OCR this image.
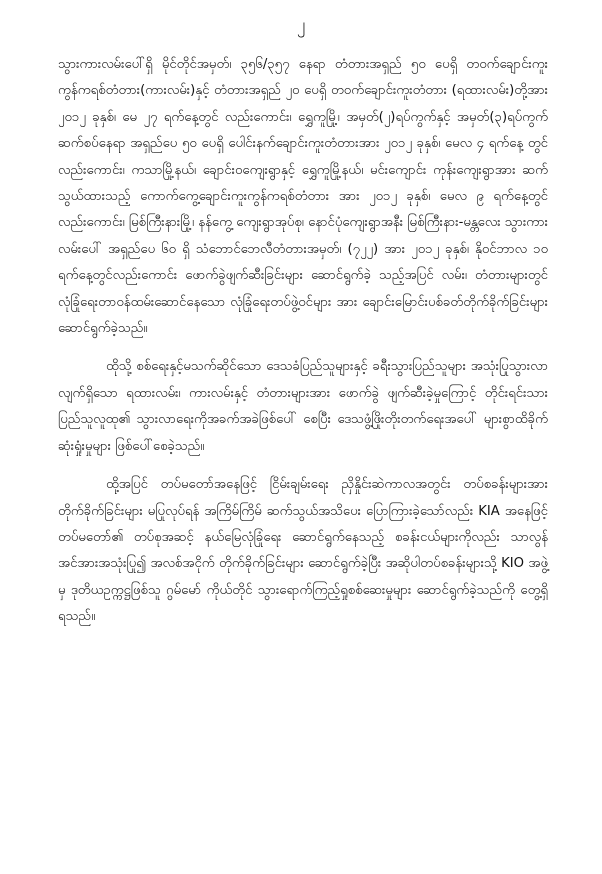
၂

သွားကားလမ်းပေါ်ရှိ မိုင်တိုင်အမှတ်၊ ၃၅၆/၃၅၇ နေရာ တံတားအရှည် ၅၀ ပေရှိ တဝက်ချောင်းကူး ကွန်ကရစ်တံတား(ကားလမ်း)နှင့် တံတားအရှည် ၂၀ ပေရှိ တဝက်ချောင်းကူးတံတား (ရထားလမ်း)တို့အား ၂၀၁၂ ခုနှစ်၊ မေ ၂၇ ရက်နေ့တွင် လည်းကောင်း၊ ရွှေကူမြို့၊ အမှတ်(၂)ရပ်ကွက်နှင့် အမှတ်(၃)ရပ်ကွက် ဆက်စပ်နေရာ အရှည်ပေ ၅၀ ပေရှိ ပေါင်းနက်ချောင်းကူးတံတားအား ၂၀၁၂ ခုနှစ်၊ မေလ ၄ ရက်နေ့ တွင်လည်းကောင်း၊ ကသာမြို့နယ်၊ ချောင်းဝကျေးရွာနှင့် ရွှေကူမြို့နယ်၊ မင်းကျောင်း ကုန်းကျေးရွာအား ဆက်သွယ်ထားသည့် ကောက်ကွေ့ချောင်းကူးကွန်ကရစ်တံတား အား ၂၀၁၂ ခုနှစ်၊ မေလ ၉ ရက်နေ့တွင် လည်းကောင်း၊ မြစ်ကြီးနားမြို့၊ နန်ကွေ့ ကျေးရွာအုပ်စု၊ နောင်ပုံကျေးရွာအနီး မြစ်ကြီးနား-မန္တလေး သွားကားလမ်းပေါ် အရှည်ပေ ၆၀ ရှိ သံဘောင်ဘေလီတံတားအမှတ်၊ (၇၂၂) အား ၂၀၁၂ ခုနှစ်၊ နိုဝင်ဘာလ ၁၀ ရက်နေ့တွင်လည်းကောင်း ဖောက်ခွဲဖျက်ဆီးခြင်းများ ဆောင်ရွက်ခဲ့ သည့်အပြင် လမ်း၊ တံတားများတွင် လုံခြုံရေးတာဝန်ထမ်းဆောင်နေသော လုံခြုံရေးတပ်ဖွဲ့ဝင်များ အား ချောင်းမြောင်းပစ်ခတ်တိုက်ခိုက်ခြင်းများ ဆောင်ရွက်ခဲ့သည်။

ထိုသို့ စစ်ရေးနှင့်မသက်ဆိုင်သော ဒေသခံပြည်သူများနှင့် ခရီးသွားပြည်သူများ အသုံးပြုသွားလာလျက်ရှိသော ရထားလမ်း၊ ကားလမ်းနှင့် တံတားများအား ဖောက်ခွဲ ဖျက်ဆီးခဲ့မှုကြောင့် တိုင်းရင်းသားပြည်သူလူထု၏ သွားလာရေးကိုအခက်အခဲဖြစ်ပေါ် စေပြီး ဒေသဖွံ့ဖြိုးတိုးတက်ရေးအပေါ် များစွာထိခိုက်ဆုံးရှုံးမှုများ ဖြစ်ပေါ်စေခဲ့သည်။

ထို့အပြင် တပ်မတော်အနေဖြင့် ငြိမ်းချမ်းရေး ညှိနှိုင်းဆဲကာလအတွင်း တပ်စခန်းများအား တိုက်ခိုက်ခြင်းများ မပြုလုပ်ရန် အကြိမ်ကြိမ် ဆက်သွယ်အသိပေး ပြောကြားခဲ့သော်လည်း KIA အနေဖြင့် တပ်မတော်၏ တပ်စုအဆင့် နယ်မြေလုံခြုံရေး ဆောင်ရွက်နေသည့် စခန်းငယ်များကိုလည်း သာလွန်အင်အားအသုံးပြု၍ အလစ်အငိုက် တိုက်ခိုက်ခြင်းများ ဆောင်ရွက်ခဲ့ပြီး အဆိုပါတပ်စခန်းများသို့ KIO အဖွဲ့မှ ဒုတိယဥက္ကဋ္ဌဖြစ်သူ ဂွမ်မော် ကိုယ်တိုင် သွားရောက်ကြည့်ရှုစစ်ဆေးမှုများ ဆောင်ရွက်ခဲ့သည်ကို တွေ့ရှိရသည်။
